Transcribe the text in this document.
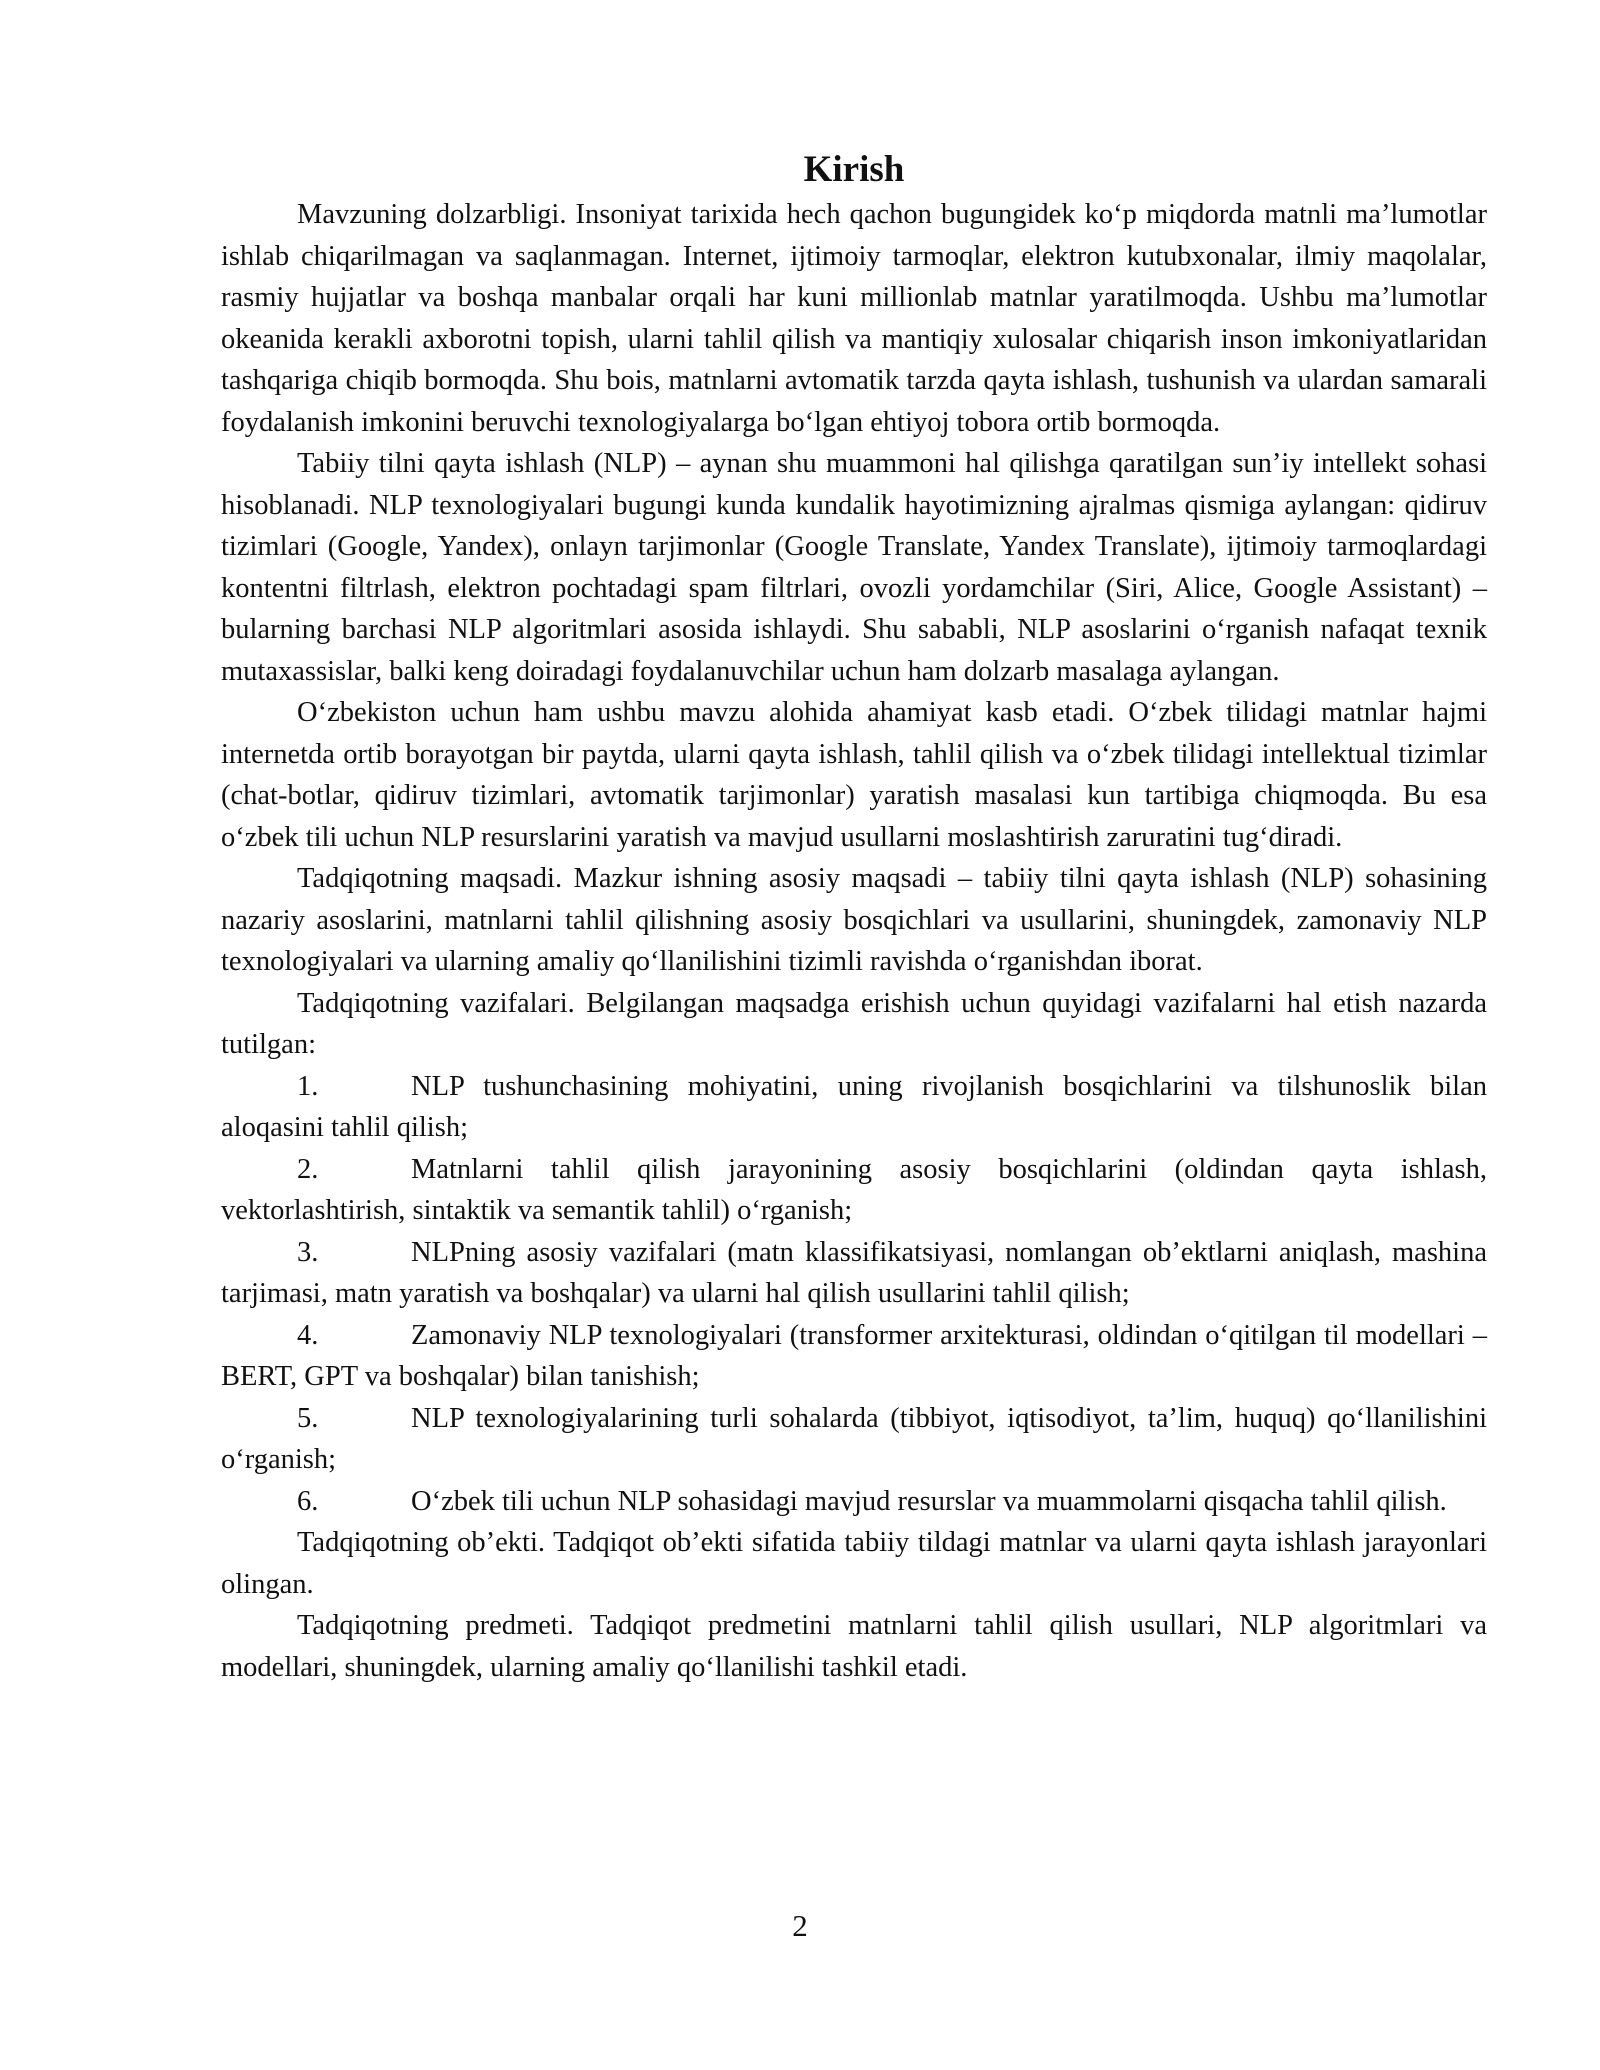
Kirish

Mavzuning dolzarbligi. Insoniyat tarixida hech qachon bugungidek ko‘p miqdorda matnli ma’lumotlar ishlab chiqarilmagan va saqlanmagan. Internet, ijtimoiy tarmoqlar, elektron kutubxonalar, ilmiy maqolalar, rasmiy hujjatlar va boshqa manbalar orqali har kuni millionlab matnlar yaratilmoqda. Ushbu ma’lumotlar okeanida kerakli axborotni topish, ularni tahlil qilish va mantiqiy xulosalar chiqarish inson imkoniyatlaridan tashqariga chiqib bormoqda. Shu bois, matnlarni avtomatik tarzda qayta ishlash, tushunish va ulardan samarali foydalanish imkonini beruvchi texnologiyalarga bo‘lgan ehtiyoj tobora ortib bormoqda.

Tabiiy tilni qayta ishlash (NLP) – aynan shu muammoni hal qilishga qaratilgan sun’iy intellekt sohasi hisoblanadi. NLP texnologiyalari bugungi kunda kundalik hayotimizning ajralmas qismiga aylangan: qidiruv tizimlari (Google, Yandex), onlayn tarjimonlar (Google Translate, Yandex Translate), ijtimoiy tarmoqlardagi kontentni filtrlash, elektron pochtadagi spam filtrlari, ovozli yordamchilar (Siri, Alice, Google Assistant) – bularning barchasi NLP algoritmlari asosida ishlaydi. Shu sababli, NLP asoslarini o‘rganish nafaqat texnik mutaxassislar, balki keng doiradagi foydalanuvchilar uchun ham dolzarb masalaga aylangan.

O‘zbekiston uchun ham ushbu mavzu alohida ahamiyat kasb etadi. O‘zbek tilidagi matnlar hajmi internetda ortib borayotgan bir paytda, ularni qayta ishlash, tahlil qilish va o‘zbek tilidagi intellektual tizimlar (chat-botlar, qidiruv tizimlari, avtomatik tarjimonlar) yaratish masalasi kun tartibiga chiqmoqda. Bu esa o‘zbek tili uchun NLP resurslarini yaratish va mavjud usullarni moslashtirish zaruratini tug‘diradi.

Tadqiqotning maqsadi. Mazkur ishning asosiy maqsadi – tabiiy tilni qayta ishlash (NLP) sohasining nazariy asoslarini, matnlarni tahlil qilishning asosiy bosqichlari va usullarini, shuningdek, zamonaviy NLP texnologiyalari va ularning amaliy qo‘llanilishini tizimli ravishda o‘rganishdan iborat.

Tadqiqotning vazifalari. Belgilangan maqsadga erishish uchun quyidagi vazifalarni hal etish nazarda tutilgan:

1.	NLP tushunchasining mohiyatini, uning rivojlanish bosqichlarini va tilshunoslik bilan aloqasini tahlil qilish;

2.	Matnlarni tahlil qilish jarayonining asosiy bosqichlarini (oldindan qayta ishlash, vektorlashtirish, sintaktik va semantik tahlil) o‘rganish;

3.	NLPning asosiy vazifalari (matn klassifikatsiyasi, nomlangan ob’ektlarni aniqlash, mashina tarjimasi, matn yaratish va boshqalar) va ularni hal qilish usullarini tahlil qilish;

4.	Zamonaviy NLP texnologiyalari (transformer arxitekturasi, oldindan o‘qitilgan til modellari – BERT, GPT va boshqalar) bilan tanishish;

5.	NLP texnologiyalarining turli sohalarda (tibbiyot, iqtisodiyot, ta’lim, huquq) qo‘llanilishini o‘rganish;

6.	O‘zbek tili uchun NLP sohasidagi mavjud resurslar va muammolarni qisqacha tahlil qilish.

Tadqiqotning ob’ekti. Tadqiqot ob’ekti sifatida tabiiy tildagi matnlar va ularni qayta ishlash jarayonlari olingan.

Tadqiqotning predmeti. Tadqiqot predmetini matnlarni tahlil qilish usullari, NLP algoritmlari va modellari, shuningdek, ularning amaliy qo‘llanilishi tashkil etadi.

2
